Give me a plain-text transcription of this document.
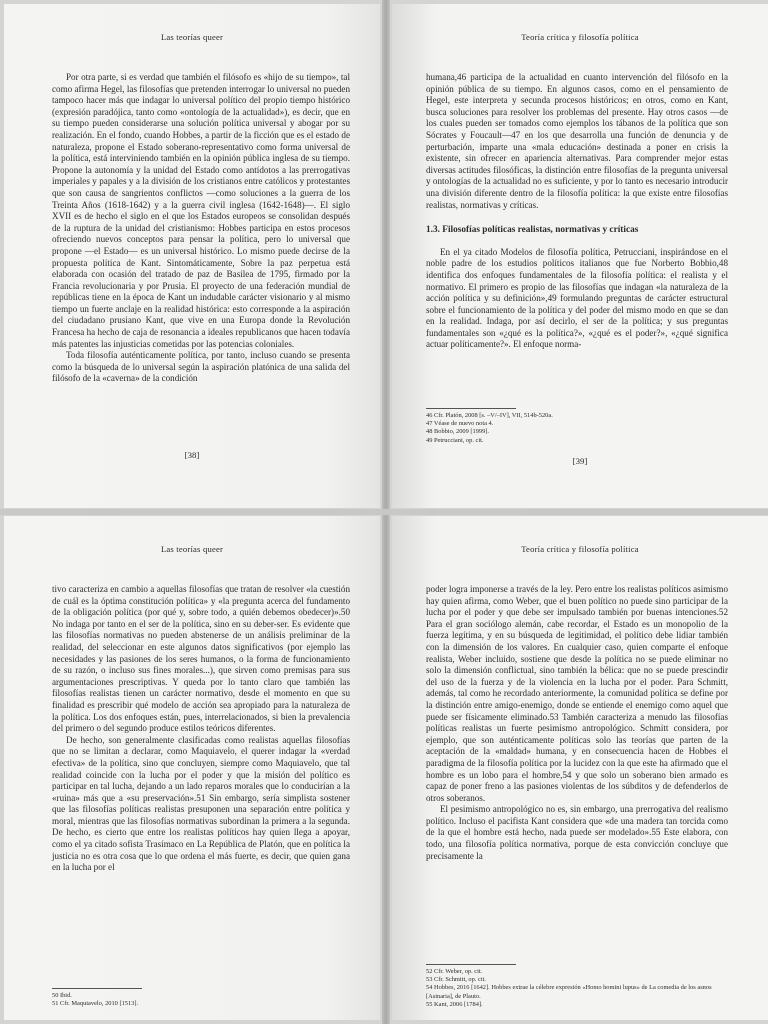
Las teorías queer

Por otra parte, si es verdad que también el filósofo es «hijo de su tiempo», tal como afirma Hegel, las filosofías que pretenden interrogar lo universal no pueden tampoco hacer más que indagar lo universal político del propio tiempo histórico (expresión paradójica, tanto como «ontología de la actualidad»), es decir, que en su tiempo pueden considerarse una solución política universal y abogar por su realización. En el fondo, cuando Hobbes, a partir de la ficción que es el estado de naturaleza, propone el Estado soberano-representativo como forma universal de la política, está interviniendo también en la opinión pública inglesa de su tiempo. Propone la autonomía y la unidad del Estado como antídotos a las prerrogativas imperiales y papales y a la división de los cristianos entre católicos y protestantes que son causa de sangrientos conflictos —como soluciones a la guerra de los Treinta Años (1618-1642) y a la guerra civil inglesa (1642-1648)—. El siglo XVII es de hecho el siglo en el que los Estados europeos se consolidan después de la ruptura de la unidad del cristianismo: Hobbes participa en estos procesos ofreciendo nuevos conceptos para pensar la política, pero lo universal que propone —el Estado— es un universal histórico. Lo mismo puede decirse de la propuesta política de Kant. Sintomáticamente, Sobre la paz perpetua está elaborada con ocasión del tratado de paz de Basilea de 1795, firmado por la Francia revolucionaria y por Prusia. El proyecto de una federación mundial de repúblicas tiene en la época de Kant un indudable carácter visionario y al mismo tiempo un fuerte anclaje en la realidad histórica: esto corresponde a la aspiración del ciudadano prusiano Kant, que vive en una Europa donde la Revolución Francesa ha hecho de caja de resonancia a ideales republicanos que hacen todavía más patentes las injusticias cometidas por las potencias coloniales.

Toda filosofía auténticamente política, por tanto, incluso cuando se presenta como la búsqueda de lo universal según la aspiración platónica de una salida del filósofo de la «caverna» de la condición

[38]
Teoría crítica y filosofía política

humana,46 participa de la actualidad en cuanto intervención del filósofo en la opinión pública de su tiempo. En algunos casos, como en el pensamiento de Hegel, este interpreta y secunda procesos históricos; en otros, como en Kant, busca soluciones para resolver los problemas del presente. Hay otros casos —de los cuales pueden ser tomados como ejemplos los tábanos de la política que son Sócrates y Foucault—47 en los que desarrolla una función de denuncia y de perturbación, imparte una «mala educación» destinada a poner en crisis la existente, sin ofrecer en apariencia alternativas. Para comprender mejor estas diversas actitudes filosóficas, la distinción entre filosofías de la pregunta universal y ontologías de la actualidad no es suficiente, y por lo tanto es necesario introducir una división diferente dentro de la filosofía política: la que existe entre filosofías realistas, normativas y críticas.

1.3. Filosofías políticas realistas, normativas y críticas

En el ya citado Modelos de filosofía política, Petrucciani, inspirándose en el noble padre de los estudios políticos italianos que fue Norberto Bobbio,48 identifica dos enfoques fundamentales de la filosofía política: el realista y el normativo. El primero es propio de las filosofías que indagan «la naturaleza de la acción política y su definición»,49 formulando preguntas de carácter estructural sobre el funcionamiento de la política y del poder del mismo modo en que se dan en la realidad. Indaga, por así decirlo, el ser de la política; y sus preguntas fundamentales son «¿qué es la política?», «¿qué es el poder?», «¿qué significa actuar políticamente?». El enfoque norma-

46 Cfr. Platón, 2008 [s. –V/–IV], VII, 514b-520a.
47 Véase de nuevo nota 4.
48 Bobbio, 2009 [1999].
49 Petrucciani, op. cit.
[39]
Las teorías queer

tivo caracteriza en cambio a aquellas filosofías que tratan de resolver «la cuestión de cuál es la óptima constitución política» y «la pregunta acerca del fundamento de la obligación política (por qué y, sobre todo, a quién debemos obedecer)».50 No indaga por tanto en el ser de la política, sino en su deber-ser. Es evidente que las filosofías normativas no pueden abstenerse de un análisis preliminar de la realidad, del seleccionar en este algunos datos significativos (por ejemplo las necesidades y las pasiones de los seres humanos, o la forma de funcionamiento de su razón, o incluso sus fines morales...), que sirven como premisas para sus argumentaciones prescriptivas. Y queda por lo tanto claro que también las filosofías realistas tienen un carácter normativo, desde el momento en que su finalidad es prescribir qué modelo de acción sea apropiado para la naturaleza de la política. Los dos enfoques están, pues, interrelacionados, si bien la prevalencia del primero o del segundo produce estilos teóricos diferentes.

De hecho, son generalmente clasificadas como realistas aquellas filosofías que no se limitan a declarar, como Maquiavelo, el querer indagar la «verdad efectiva» de la política, sino que concluyen, siempre como Maquiavelo, que tal realidad coincide con la lucha por el poder y que la misión del político es participar en tal lucha, dejando a un lado reparos morales que lo conducirían a la «ruina» más que a «su preservación».51 Sin embargo, sería simplista sostener que las filosofías políticas realistas presuponen una separación entre política y moral, mientras que las filosofías normativas subordinan la primera a la segunda. De hecho, es cierto que entre los realistas políticos hay quien llega a apoyar, como el ya citado sofista Trasímaco en La República de Platón, que en política la justicia no es otra cosa que lo que ordena el más fuerte, es decir, que quien gana en la lucha por el

50 Ibid.
51 Cfr. Maquiavelo, 2010 [1513].
Teoría crítica y filosofía política

poder logra imponerse a través de la ley. Pero entre los realistas políticos asimismo hay quien afirma, como Weber, que el buen político no puede sino participar de la lucha por el poder y que debe ser impulsado también por buenas intenciones.52 Para el gran sociólogo alemán, cabe recordar, el Estado es un monopolio de la fuerza legítima, y en su búsqueda de legitimidad, el político debe lidiar también con la dimensión de los valores. En cualquier caso, quien comparte el enfoque realista, Weber incluido, sostiene que desde la política no se puede eliminar no solo la dimensión conflictual, sino también la bélica: que no se puede prescindir del uso de la fuerza y de la violencia en la lucha por el poder. Para Schmitt, además, tal como he recordado anteriormente, la comunidad política se define por la distinción entre amigo-enemigo, donde se entiende el enemigo como aquel que puede ser físicamente eliminado.53 También caracteriza a menudo las filosofías políticas realistas un fuerte pesimismo antropológico. Schmitt considera, por ejemplo, que son auténticamente políticas solo las teorías que parten de la aceptación de la «maldad» humana, y en consecuencia hacen de Hobbes el paradigma de la filosofía política por la lucidez con la que este ha afirmado que el hombre es un lobo para el hombre,54 y que solo un soberano bien armado es capaz de poner freno a las pasiones violentas de los súbditos y de defenderlos de otros soberanos.

El pesimismo antropológico no es, sin embargo, una prerrogativa del realismo político. Incluso el pacifista Kant considera que «de una madera tan torcida como de la que el hombre está hecho, nada puede ser modelado».55 Este elabora, con todo, una filosofía política normativa, porque de esta convicción concluye que precisamente la

52 Cfr. Weber, op. cit.
53 Cfr. Schmitt, op. cit.
54 Hobbes, 2016 [1642]. Hobbes extrae la célebre expresión «Homo homini lupus» de La comedia de los asnos [Asinaria], de Plauto.
55 Kant, 2006 [1784].
